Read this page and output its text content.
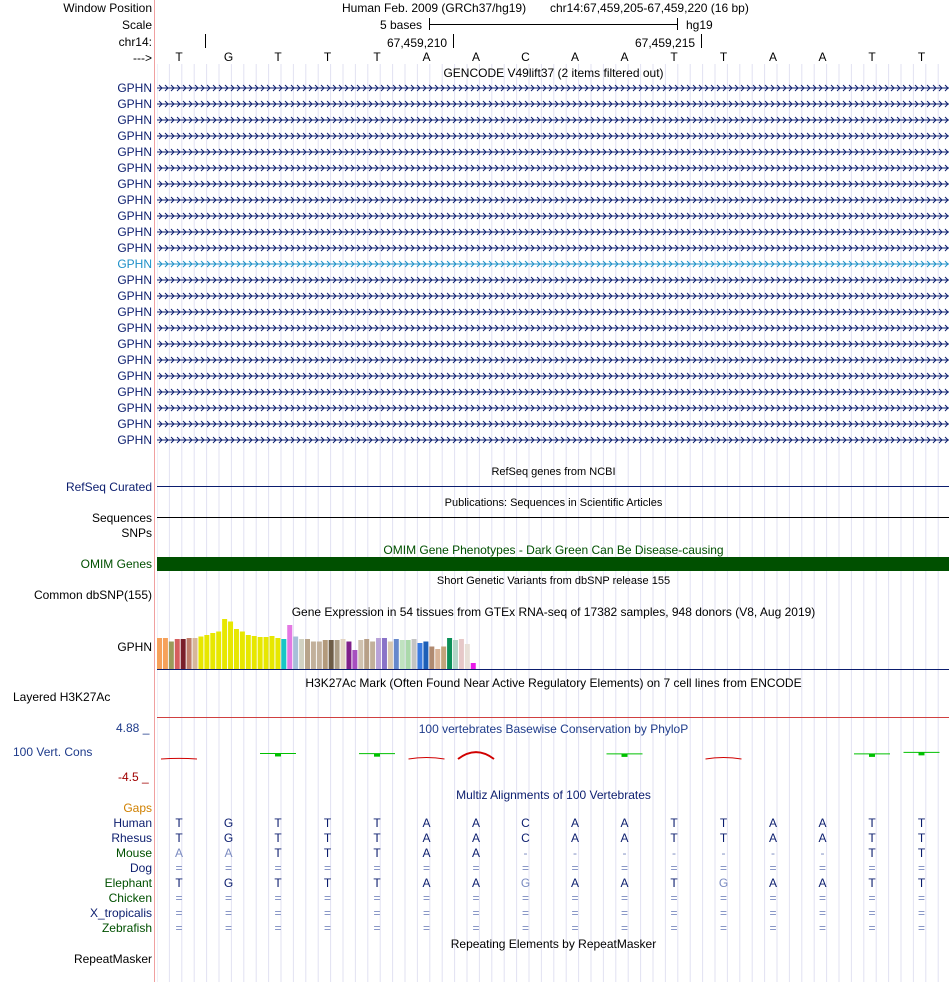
Window Position
Scale
chr14:
--->
Human Feb. 2009 (GRCh37/hg19) chr14:67,459,205-67,459,220 (16 bp)
5 bases	hg19
67,459,210	67,459,215
T	G	T	T	T	A	A	C	A	A	T	T	A	A	T	T
GENCODE V49lift37 (2 items filtered out)
GPHN
GPHN
GPHN
GPHN
GPHN
GPHN
GPHN
GPHN
GPHN
GPHN
GPHN
GPHN
GPHN
GPHN
GPHN
GPHN
GPHN
GPHN
GPHN
GPHN
GPHN
GPHN
GPHN
RefSeq genes from NCBI
RefSeq Curated
Publications: Sequences in Scientific Articles
Sequences
SNPs
OMIM Gene Phenotypes - Dark Green Can Be Disease-causing
OMIM Genes
Short Genetic Variants from dbSNP release 155
Common dbSNP(155)
Gene Expression in 54 tissues from GTEx RNA-seq of 17382 samples, 948 donors (V8, Aug 2019)
GPHN
H3K27Ac Mark (Often Found Near Active Regulatory Elements) on 7 cell lines from ENCODE
Layered H3K27Ac
100 vertebrates Basewise Conservation by PhyloP
4.88 _
100 Vert. Cons
-4.5 _
Multiz Alignments of 100 Vertebrates
Gaps
Human	T	G	T	T	T	A	A	C	A	A	T	T	A	A	T	T
Rhesus	T	G	T	T	T	A	A	C	A	A	T	T	A	A	T	T
Mouse	A	A	T	T	T	A	A	-	-	-	-	-	-	-	T	T
Dog	=	=	=	=	=	=	=	=	=	=	=	=	=	=	=	=
Elephant	T	G	T	T	T	A	A	G	A	A	T	G	A	A	T	T
Chicken	=	=	=	=	=	=	=	=	=	=	=	=	=	=	=	=
X_tropicalis	=	=	=	=	=	=	=	=	=	=	=	=	=	=	=	=
Zebrafish	=	=	=	=	=	=	=	=	=	=	=	=	=	=	=	=
Repeating Elements by RepeatMasker
RepeatMasker
